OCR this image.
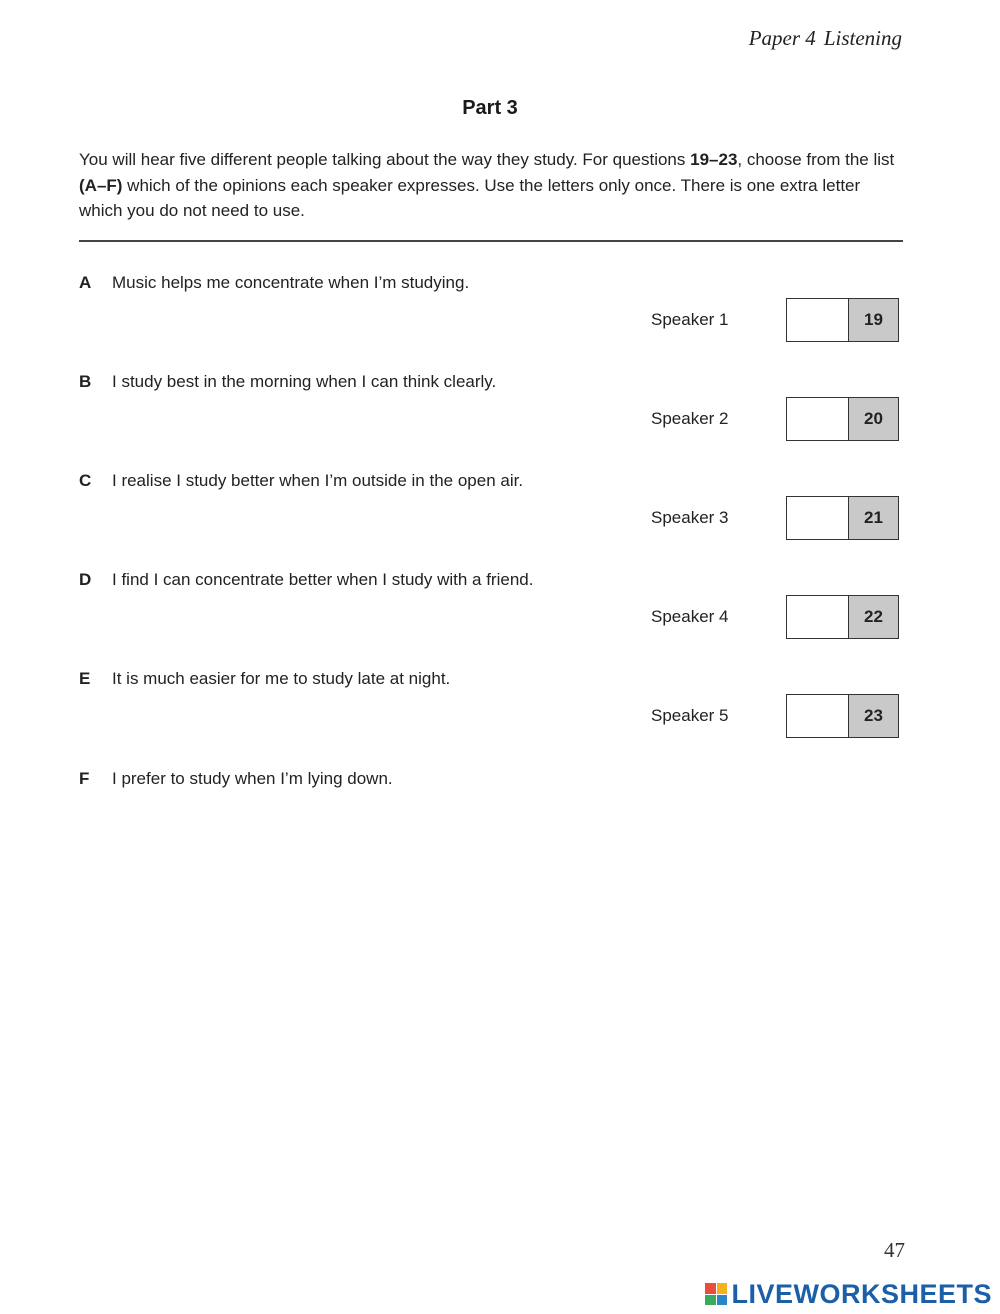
Paper 4 Listening
Part 3
You will hear five different people talking about the way they study. For questions 19–23, choose from the list (A–F) which of the opinions each speaker expresses. Use the letters only once. There is one extra letter which you do not need to use.
A Music helps me concentrate when I’m studying.
B I study best in the morning when I can think clearly.
C I realise I study better when I’m outside in the open air.
D I find I can concentrate better when I study with a friend.
E It is much easier for me to study late at night.
F I prefer to study when I’m lying down.
Speaker 1	19
Speaker 2	20
Speaker 3	21
Speaker 4	22
Speaker 5	23
47
LIVEWORKSHEETS
